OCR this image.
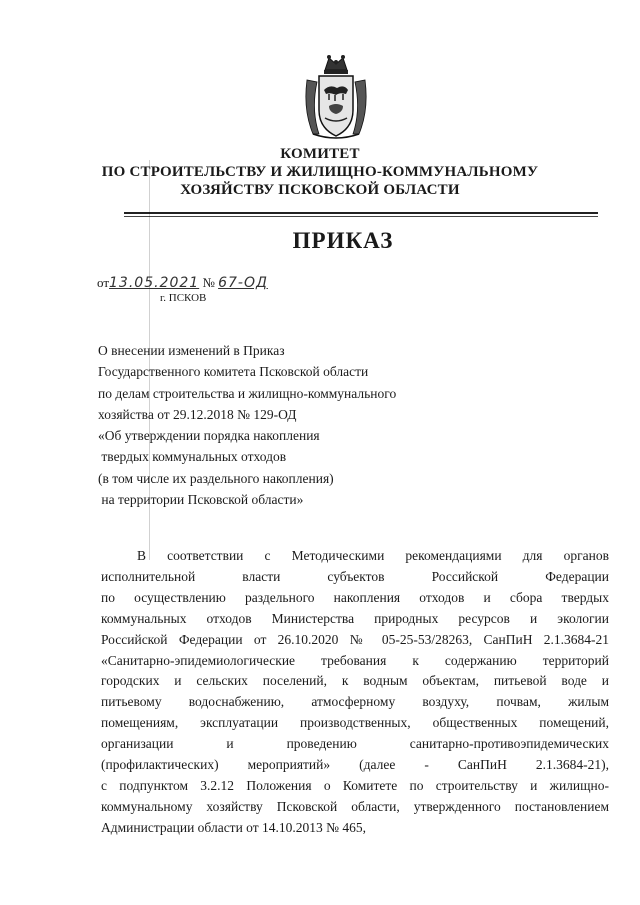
КОМИТЕТ
ПО СТРОИТЕЛЬСТВУ И ЖИЛИЩНО-КОММУНАЛЬНОМУ
ХОЗЯЙСТВУ ПСКОВСКОЙ ОБЛАСТИ
ПРИКАЗ
от13.05.2021 № 67-ОД
г. ПСКОВ
О внесении изменений в Приказ
Государственного комитета Псковской области
по делам строительства и жилищно-коммунального
хозяйства от 29.12.2018 № 129-ОД
«Об утверждении порядка накопления
твердых коммунальных отходов
(в том числе их раздельного накопления)
на территории Псковской области»
В соответствии с Методическими рекомендациями для органов
исполнительной власти субъектов Российской Федерации
по осуществлению раздельного накопления отходов и сбора твердых
коммунальных отходов Министерства природных ресурсов и экологии
Российской Федерации от 26.10.2020 № 05-25-53/28263, СанПиН 2.1.3684-21
«Санитарно-эпидемиологические требования к содержанию территорий
городских и сельских поселений, к водным объектам, питьевой воде и
питьевому водоснабжению, атмосферному воздуху, почвам, жилым
помещениям, эксплуатации производственных, общественных помещений,
организации и проведению санитарно-противоэпидемических
(профилактических) мероприятий» (далее - СанПиН 2.1.3684-21),
с подпунктом 3.2.12 Положения о Комитете по строительству и жилищно-
коммунальному хозяйству Псковской области, утвержденного постановлением
Администрации области от 14.10.2013 № 465,
